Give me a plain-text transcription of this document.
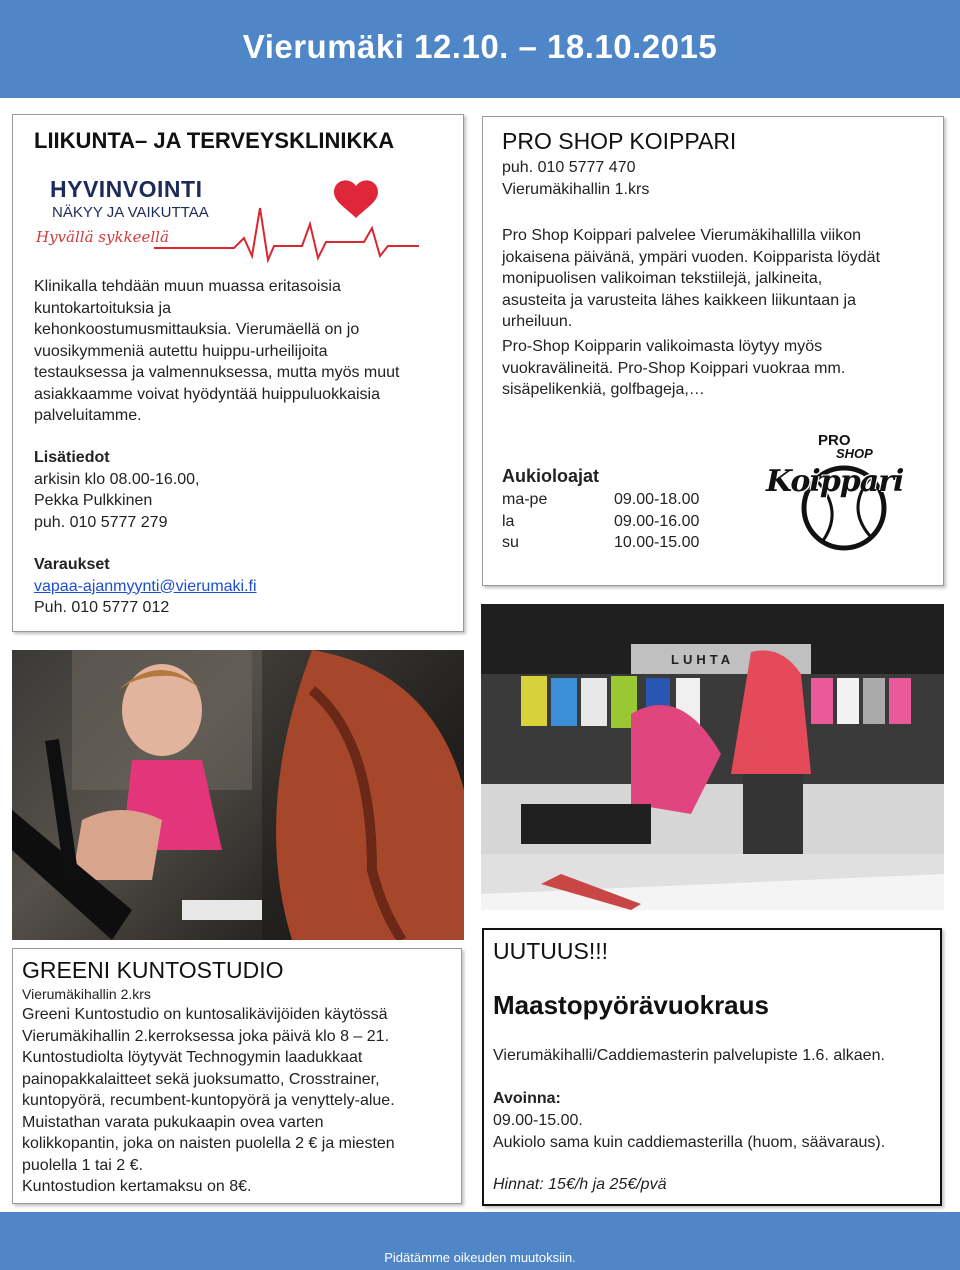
Vierumäki 12.10. – 18.10.2015
LIIKUNTA– JA TERVEYSKLINIKKA
HYVINVOINTI
NÄKYY JA VAIKUTTAA
Hyvällä sykkeellä
Klinikalla tehdään muun muassa eritasoisia
kuntokartoituksia ja
kehonkoostumusmittauksia. Vierumäellä on jo
vuosikymmeniä autettu huippu-urheilijoita
testauksessa ja valmennuksessa, mutta myös muut
asiakkaamme voivat hyödyntää huippuluokkaisia
palveluitamme.
Lisätiedot
arkisin klo 08.00-16.00,
Pekka Pulkkinen
puh. 010 5777 279
Varaukset
vapaa-ajanmyynti@vierumaki.fi
Puh. 010 5777 012
PRO SHOP KOIPPARI
puh. 010 5777 470
Vierumäkihallin 1.krs
Pro Shop Koippari palvelee Vierumäkihallilla viikon
jokaisena päivänä, ympäri vuoden. Koipparista löydät
monipuolisen valikoiman tekstiilejä, jalkineita,
asusteita ja varusteita lähes kaikkeen liikuntaan ja
urheiluun.
Pro-Shop Koipparin valikoimasta löytyy myös
vuokravälineitä. Pro-Shop Koippari vuokraa mm.
sisäpelikenkiä, golfbageja,…
Aukioloajat
ma-pe	09.00-18.00
la	09.00-16.00
su	10.00-15.00
PRO
SHOP
Koippari
LUHTA
GREENI KUNTOSTUDIO
Vierumäkihallin 2.krs
Greeni Kuntostudio on kuntosalikävijöiden käytössä
Vierumäkihallin 2.kerroksessa joka päivä klo 8 – 21.
Kuntostudiolta löytyvät Technogymin laadukkaat
painopakkalaitteet sekä juoksumatto, Crosstrainer,
kuntopyörä, recumbent-kuntopyörä ja venyttely-alue.
Muistathan varata pukukaapin ovea varten
kolikkopantin, joka on naisten puolella 2 € ja miesten
puolella 1 tai 2 €.
Kuntostudion kertamaksu on 8€.
UUTUUS!!!
Maastopyörävuokraus
Vierumäkihalli/Caddiemasterin palvelupiste 1.6. alkaen.
Avoinna:
09.00-15.00.
Aukiolo sama kuin caddiemasterilla (huom, säävaraus).
Hinnat: 15€/h ja 25€/pvä
Pidätämme oikeuden muutoksiin.
